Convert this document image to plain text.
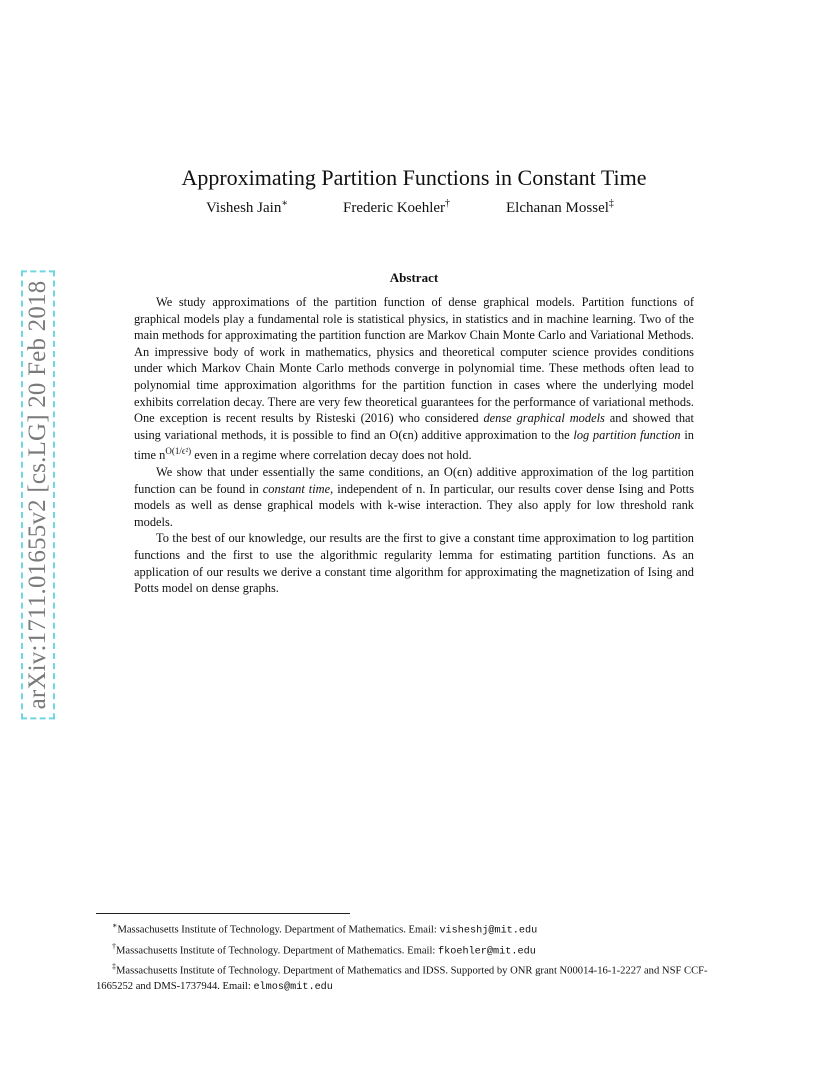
arXiv:1711.01655v2 [cs.LG] 20 Feb 2018
Approximating Partition Functions in Constant Time
Vishesh Jain∗	Frederic Koehler†	Elchanan Mossel‡
Abstract

We study approximations of the partition function of dense graphical models. Partition functions of graphical models play a fundamental role is statistical physics, in statistics and in machine learning. Two of the main methods for approximating the partition function are Markov Chain Monte Carlo and Variational Methods. An impressive body of work in mathematics, physics and theoretical computer science provides conditions under which Markov Chain Monte Carlo methods converge in polynomial time. These methods often lead to polynomial time approximation algorithms for the partition function in cases where the underlying model exhibits correlation decay. There are very few theoretical guarantees for the performance of variational methods. One exception is recent results by Risteski (2016) who considered dense graphical models and showed that using variational methods, it is possible to find an O(ϵn) additive approximation to the log partition function in time $n^{O(1/\epsilon^2)}$ even in a regime where correlation decay does not hold.

We show that under essentially the same conditions, an O(ϵn) additive approximation of the log partition function can be found in constant time, independent of n. In particular, our results cover dense Ising and Potts models as well as dense graphical models with k-wise interaction. They also apply for low threshold rank models.

To the best of our knowledge, our results are the first to give a constant time approximation to log partition functions and the first to use the algorithmic regularity lemma for estimating partition functions. As an application of our results we derive a constant time algorithm for approximating the magnetization of Ising and Potts model on dense graphs.

∗Massachusetts Institute of Technology. Department of Mathematics. Email: visheshj@mit.edu

†Massachusetts Institute of Technology. Department of Mathematics. Email: fkoehler@mit.edu

‡Massachusetts Institute of Technology. Department of Mathematics and IDSS. Supported by ONR grant N00014-16-1-2227 and NSF CCF-1665252 and DMS-1737944. Email: elmos@mit.edu
